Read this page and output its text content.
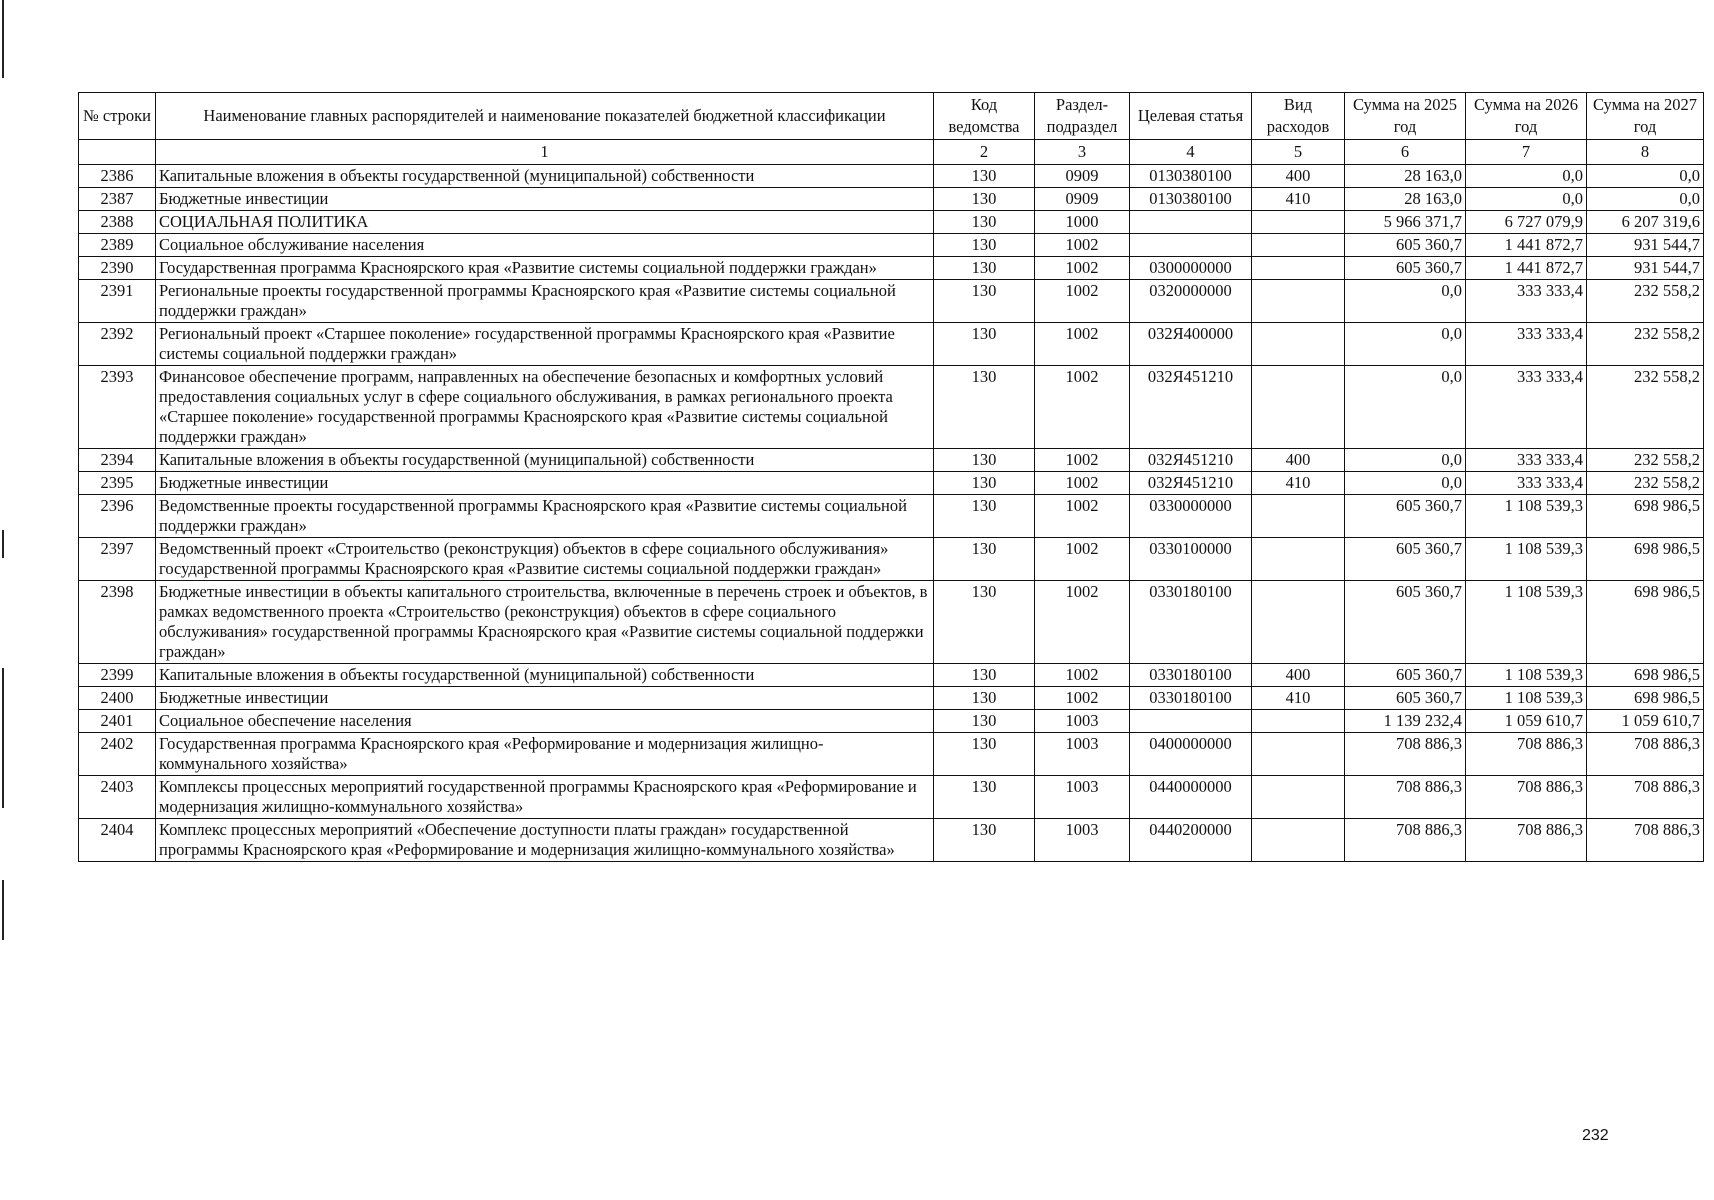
№ строки	Наименование главных распорядителей и наименование показателей бюджетной классификации	Код ведомства	Раздел-подраздел	Целевая статья	Вид расходов	Сумма на 2025 год	Сумма на 2026 год	Сумма на 2027 год
	1	2	3	4	5	6	7	8
2386	Капитальные вложения в объекты государственной (муниципальной) собственности	130	0909	0130380100	400	28 163,0	0,0	0,0
2387	Бюджетные инвестиции	130	0909	0130380100	410	28 163,0	0,0	0,0
2388	СОЦИАЛЬНАЯ ПОЛИТИКА	130	1000			5 966 371,7	6 727 079,9	6 207 319,6
2389	Социальное обслуживание населения	130	1002			605 360,7	1 441 872,7	931 544,7
2390	Государственная программа Красноярского края «Развитие системы социальной поддержки граждан»	130	1002	0300000000		605 360,7	1 441 872,7	931 544,7
2391	Региональные проекты государственной программы Красноярского края «Развитие системы социальной поддержки граждан»	130	1002	0320000000		0,0	333 333,4	232 558,2
2392	Региональный проект «Старшее поколение» государственной программы Красноярского края «Развитие системы социальной поддержки граждан»	130	1002	032Я400000		0,0	333 333,4	232 558,2
2393	Финансовое обеспечение программ, направленных на обеспечение безопасных и комфортных условий предоставления социальных услуг в сфере социального обслуживания, в рамках регионального проекта «Старшее поколение» государственной программы Красноярского края «Развитие системы социальной поддержки граждан»	130	1002	032Я451210		0,0	333 333,4	232 558,2
2394	Капитальные вложения в объекты государственной (муниципальной) собственности	130	1002	032Я451210	400	0,0	333 333,4	232 558,2
2395	Бюджетные инвестиции	130	1002	032Я451210	410	0,0	333 333,4	232 558,2
2396	Ведомственные проекты государственной программы Красноярского края «Развитие системы социальной поддержки граждан»	130	1002	0330000000		605 360,7	1 108 539,3	698 986,5
2397	Ведомственный проект «Строительство (реконструкция) объектов в сфере социального обслуживания» государственной программы Красноярского края «Развитие системы социальной поддержки граждан»	130	1002	0330100000		605 360,7	1 108 539,3	698 986,5
2398	Бюджетные инвестиции в объекты капитального строительства, включенные в перечень строек и объектов, в рамках ведомственного проекта «Строительство (реконструкция) объектов в сфере социального обслуживания» государственной программы Красноярского края «Развитие системы социальной поддержки граждан»	130	1002	0330180100		605 360,7	1 108 539,3	698 986,5
2399	Капитальные вложения в объекты государственной (муниципальной) собственности	130	1002	0330180100	400	605 360,7	1 108 539,3	698 986,5
2400	Бюджетные инвестиции	130	1002	0330180100	410	605 360,7	1 108 539,3	698 986,5
2401	Социальное обеспечение населения	130	1003			1 139 232,4	1 059 610,7	1 059 610,7
2402	Государственная программа Красноярского края «Реформирование и модернизация жилищно-коммунального хозяйства»	130	1003	0400000000		708 886,3	708 886,3	708 886,3
2403	Комплексы процессных мероприятий государственной программы Красноярского края «Реформирование и модернизация жилищно-коммунального хозяйства»	130	1003	0440000000		708 886,3	708 886,3	708 886,3
2404	Комплекс процессных мероприятий «Обеспечение доступности платы граждан» государственной программы Красноярского края «Реформирование и модернизация жилищно-коммунального хозяйства»	130	1003	0440200000		708 886,3	708 886,3	708 886,3
232
